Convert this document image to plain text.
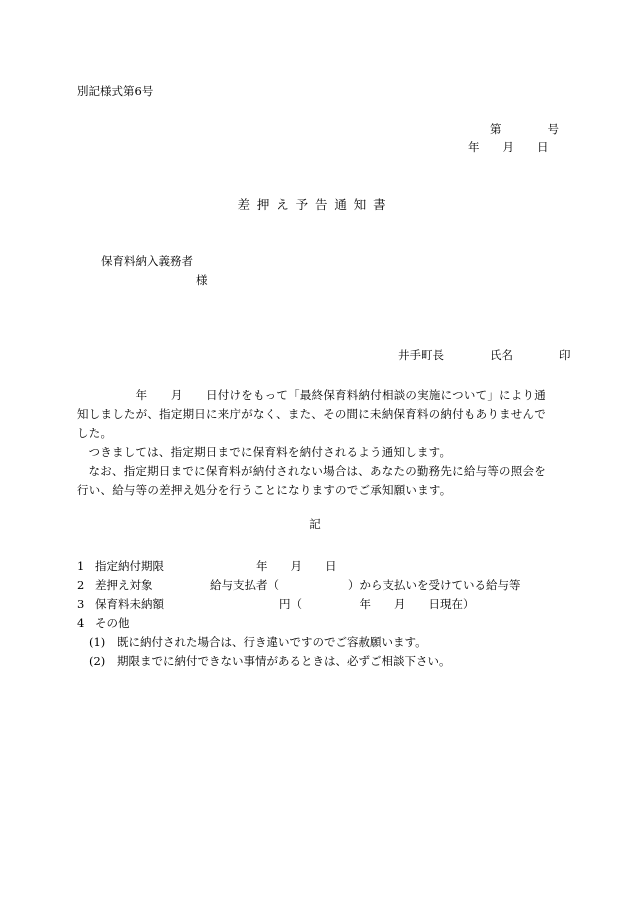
別記様式第6号
第　　　　号
年　　月　　日
差押え予告通知書
保育料納入義務者
様
井手町長　　　　氏名　　　　印

　　　　　年　　月　　日付けをもって「最終保育料納付相談の実施について」により通

知しましたが、指定期日に来庁がなく、また、その間に未納保育料の納付もありませんで

した。

つきましては、指定期日までに保育料を納付されるよう通知します。

なお、指定期日までに保育料が納付されない場合は、あなたの勤務先に給与等の照会を

行い、給与等の差押え処分を行うことになりますのでご承知願います。

記
1 指定納付期限　　　　　　　　年　　月　　日
2 差押え対象　　　　　給与支払者（　　　　　　）から支払いを受けている給与等
3 保育料未納額　　　　　　　　　　円（　　　　　年　　月　　日現在）
4 その他
(1) 既に納付された場合は、行き違いですのでご容赦願います。
(2) 期限までに納付できない事情があるときは、必ずご相談下さい。
